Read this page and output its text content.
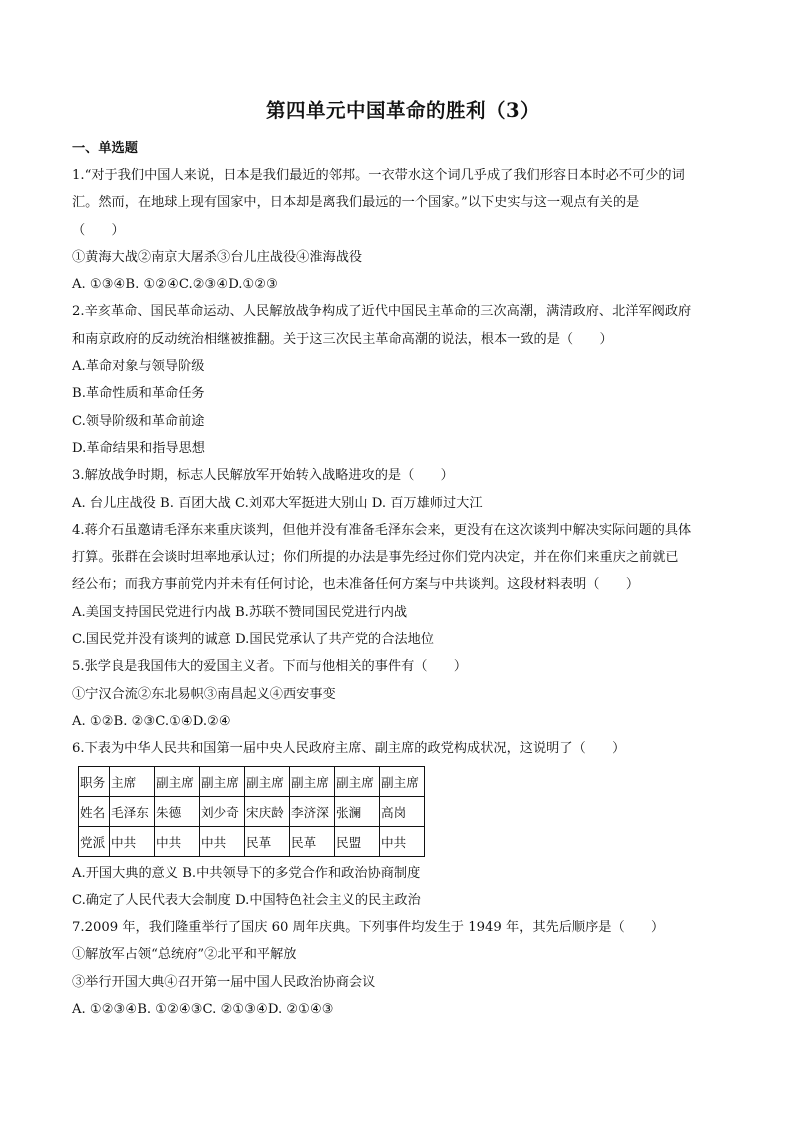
第四单元中国革命的胜利（3）
一、单选题

1.“对于我们中国人来说，日本是我们最近的邻邦。一衣带水这个词几乎成了我们形容日本时必不可少的词

汇。然而，在地球上现有国家中，日本却是离我们最远的一个国家。”以下史实与这一观点有关的是

（　　）

①黄海大战②南京大屠杀③台儿庄战役④淮海战役

A. ①③④B. ①②④C.②③④D.①②③

2.辛亥革命、国民革命运动、人民解放战争构成了近代中国民主革命的三次高潮，满清政府、北洋军阀政府

和南京政府的反动统治相继被推翻。关于这三次民主革命高潮的说法，根本一致的是（　　）

A.革命对象与领导阶级

B.革命性质和革命任务

C.领导阶级和革命前途

D.革命结果和指导思想

3.解放战争时期，标志人民解放军开始转入战略进攻的是（　　）

A. 台儿庄战役 B. 百团大战 C.刘邓大军挺进大别山 D. 百万雄师过大江

4.蒋介石虽邀请毛泽东来重庆谈判，但他并没有准备毛泽东会来，更没有在这次谈判中解决实际问题的具体

打算。张群在会谈时坦率地承认过；你们所提的办法是事先经过你们党内决定，并在你们来重庆之前就已

经公布；而我方事前党内并未有任何讨论，也未准备任何方案与中共谈判。这段材料表明（　　）

A.美国支持国民党进行内战 B.苏联不赞同国民党进行内战

C.国民党并没有谈判的诚意 D.国民党承认了共产党的合法地位

5.张学良是我国伟大的爱国主义者。下而与他相关的事件有（　　）

①宁汉合流②东北易帜③南昌起义④西安事变

A. ①②B. ②③C.①④D.②④

6.下表为中华人民共和国第一届中央人民政府主席、副主席的政党构成状况，这说明了（　　）

职务	主席	副主席	副主席	副主席	副主席	副主席	副主席
姓名	毛泽东	朱德	刘少奇	宋庆龄	李济深	张澜	高岗
党派	中共	中共	中共	民革	民革	民盟	中共

A.开国大典的意义 B.中共领导下的多党合作和政治协商制度

C.确定了人民代表大会制度 D.中国特色社会主义的民主政治

7.2009 年，我们隆重举行了国庆 60 周年庆典。下列事件均发生于 1949 年，其先后顺序是（　　）

①解放军占领“总统府”②北平和平解放

③举行开国大典④召开第一届中国人民政治协商会议

A. ①②③④B. ①②④③C. ②①③④D. ②①④③
